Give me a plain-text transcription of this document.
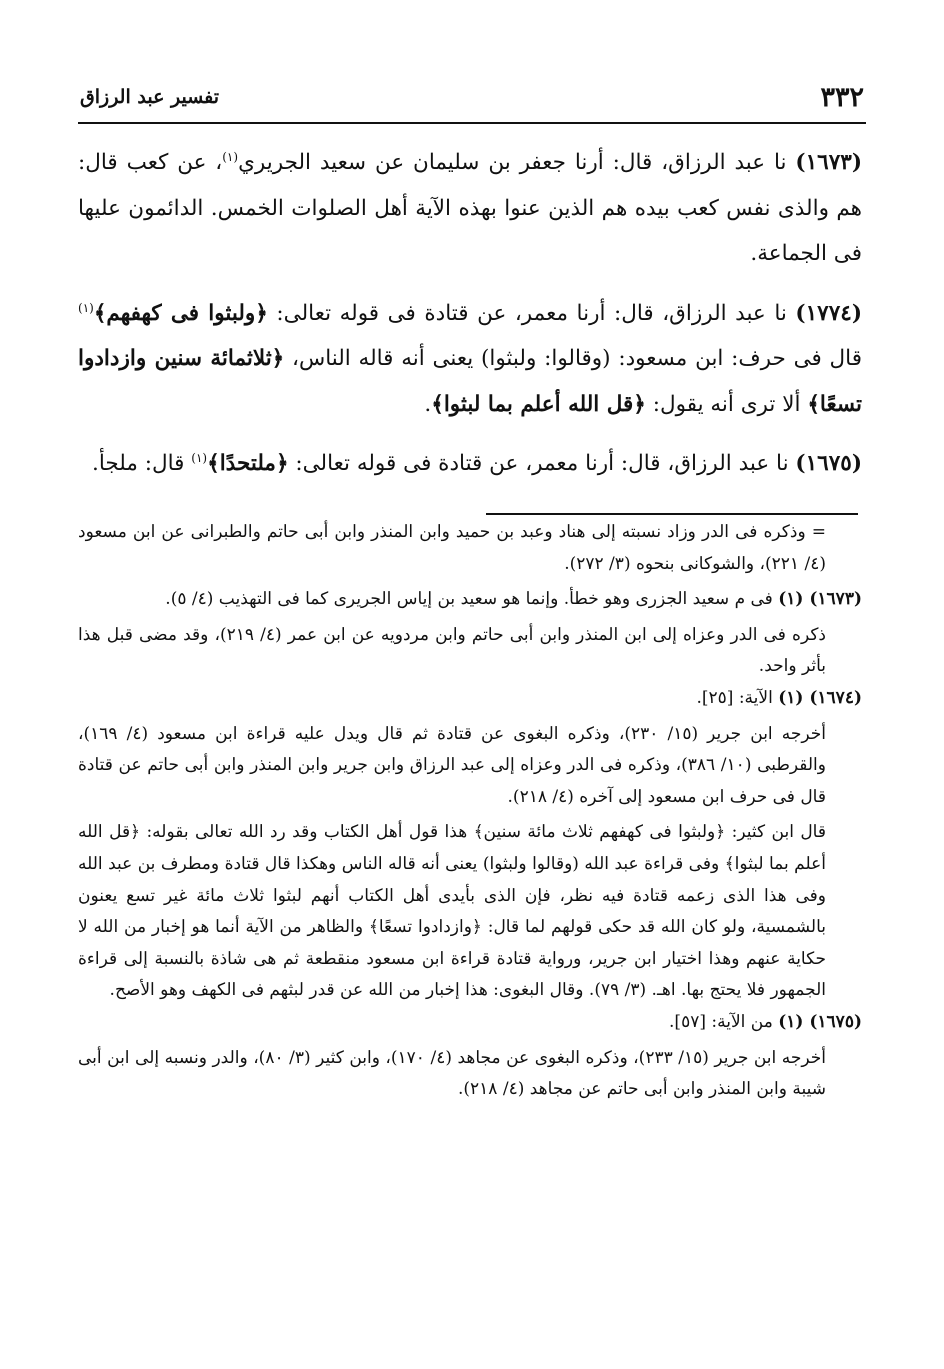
٣٣٢
تفسير عبد الرزاق

(١٦٧٣) نا عبد الرزاق، قال: أرنا جعفر بن سليمان عن سعيد الجريري$^{(١)}$، عن كعب قال: هم والذى نفس كعب بيده هم الذين عنوا بهذه الآية أهل الصلوات الخمس. الدائمون عليها فى الجماعة.

(١٧٧٤) نا عبد الرزاق، قال: أرنا معمر، عن قتادة فى قوله تعالى: ﴿ولبثوا فى كهفهم﴾$^{(١)}$ قال فى حرف: ابن مسعود: (وقالوا: ولبثوا) يعنى أنه قاله الناس، ﴿ثلاثمائة سنين وازدادوا تسعًا﴾ ألا ترى أنه يقول: ﴿قل الله أعلم بما لبثوا﴾.

(١٦٧٥) نا عبد الرزاق، قال: أرنا معمر، عن قتادة فى قوله تعالى: ﴿ملتحدًا﴾$^{(١)}$ قال: ملجأ.

= وذكره فى الدر وزاد نسبته إلى هناد وعبد بن حميد وابن المنذر وابن أبى حاتم والطبرانى عن ابن مسعود (٤/ ٢٢١)، والشوكانى بنحوه (٣/ ٢٧٢).

(١٦٧٣) (١) فى م سعيد الجزرى وهو خطأ. وإنما هو سعيد بن إياس الجريرى كما فى التهذيب (٤/ ٥).

ذكره فى الدر وعزاه إلى ابن المنذر وابن أبى حاتم وابن مردويه عن ابن عمر (٤/ ٢١٩)، وقد مضى قبل هذا بأثر واحد.

(١٦٧٤) (١) الآية: [٢٥].

أخرجه ابن جرير (١٥/ ٢٣٠)، وذكره البغوى عن قتادة ثم قال ويدل عليه قراءة ابن مسعود (٤/ ١٦٩)، والقرطبى (١٠/ ٣٨٦)، وذكره فى الدر وعزاه إلى عبد الرزاق وابن جرير وابن المنذر وابن أبى حاتم عن قتادة قال فى حرف ابن مسعود إلى آخره (٤/ ٢١٨).

قال ابن كثير: ﴿ولبثوا فى كهفهم ثلاث مائة سنين﴾ هذا قول أهل الكتاب وقد رد الله تعالى بقوله: ﴿قل الله أعلم بما لبثوا﴾ وفى قراءة عبد الله (وقالوا ولبثوا) يعنى أنه قاله الناس وهكذا قال قتادة ومطرف بن عبد الله وفى هذا الذى زعمه قتادة فيه نظر، فإن الذى بأيدى أهل الكتاب أنهم لبثوا ثلاث مائة غير تسع يعنون بالشمسية، ولو كان الله قد حكى قولهم لما قال: ﴿وازدادوا تسعًا﴾ والظاهر من الآية أنما هو إخبار من الله لا حكاية عنهم وهذا اختيار ابن جرير، ورواية قتادة قراءة ابن مسعود منقطعة ثم هى شاذة بالنسبة إلى قراءة الجمهور فلا يحتج بها. اهـ. (٣/ ٧٩). وقال البغوى: هذا إخبار من الله عن قدر لبثهم فى الكهف وهو الأصح.

(١٦٧٥) (١) من الآية: [٥٧].

أخرجه ابن جرير (١٥/ ٢٣٣)، وذكره البغوى عن مجاهد (٤/ ١٧٠)، وابن كثير (٣/ ٨٠)، والدر ونسبه إلى ابن أبى شيبة وابن المنذر وابن أبى حاتم عن مجاهد (٤/ ٢١٨).
